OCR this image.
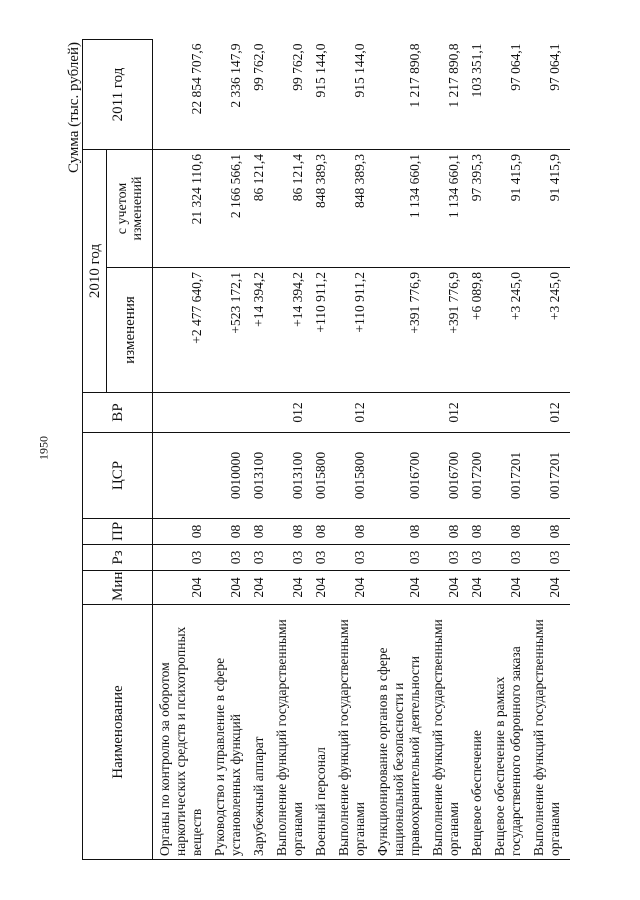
1950
Сумма (тыс. рублей)
Наименование	Мин	Рз	ПР	ЦСР	ВР	2010 год		2011 год
						изменения	с учетом изменений	
Органы по контролю за оборотом наркотических средств и психотропных веществ	204	03	08			+2 477 640,7	21 324 110,6	22 854 707,6
Руководство и управление в сфере установленных функций	204	03	08	0010000		+523 172,1	2 166 566,1	2 336 147,9
Зарубежный аппарат	204	03	08	0013100		+14 394,2	86 121,4	99 762,0
Выполнение функций государственными органами	204	03	08	0013100	012	+14 394,2	86 121,4	99 762,0
Военный персонал	204	03	08	0015800		+110 911,2	848 389,3	915 144,0
Выполнение функций государственными органами	204	03	08	0015800	012	+110 911,2	848 389,3	915 144,0
Функционирование органов в сфере национальной безопасности и правоохранительной деятельности	204	03	08	0016700		+391 776,9	1 134 660,1	1 217 890,8
Выполнение функций государственными органами	204	03	08	0016700	012	+391 776,9	1 134 660,1	1 217 890,8
Вещевое обеспечение	204	03	08	0017200		+6 089,8	97 395,3	103 351,1
Вещевое обеспечение в рамках государственного оборонного заказа	204	03	08	0017201		+3 245,0	91 415,9	97 064,1
Выполнение функций государственными органами	204	03	08	0017201	012	+3 245,0	91 415,9	97 064,1
